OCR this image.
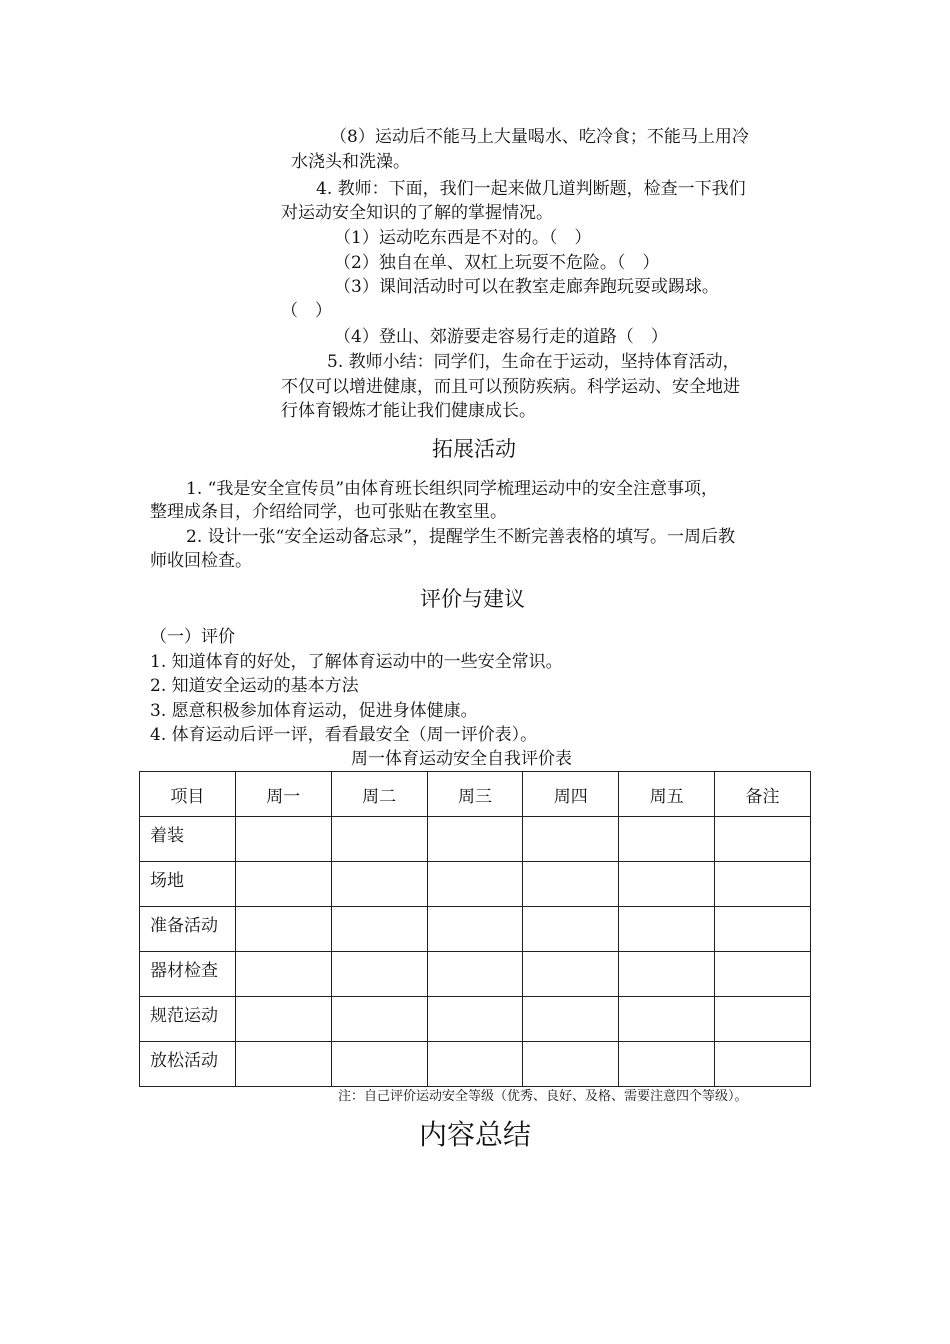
（8）运动后不能马上大量喝水、吃冷食；不能马上用冷
水浇头和洗澡。
4. 教师：下面，我们一起来做几道判断题，检查一下我们
对运动安全知识的了解的掌握情况。
（1）运动吃东西是不对的。（　）
（2）独自在单、双杠上玩耍不危险。（　）
（3）课间活动时可以在教室走廊奔跑玩耍或踢球。
（　）
（4）登山、郊游要走容易行走的道路（　）
5. 教师小结：同学们，生命在于运动，坚持体育活动，
不仅可以增进健康，而且可以预防疾病。科学运动、安全地进
行体育锻炼才能让我们健康成长。
拓展活动
1. “我是安全宣传员”由体育班长组织同学梳理运动中的安全注意事项，
整理成条目，介绍给同学，也可张贴在教室里。
2. 设计一张“安全运动备忘录”，提醒学生不断完善表格的填写。一周后教
师收回检查。
评价与建议
（一）评价
1. 知道体育的好处，了解体育运动中的一些安全常识。
2. 知道安全运动的基本方法
3. 愿意积极参加体育运动，促进身体健康。
4. 体育运动后评一评，看看最安全（周一评价表）。
周一体育运动安全自我评价表
项目	周一	周二	周三	周四	周五	备注
着装						
场地						
准备活动						
器材检查						
规范运动						
放松活动						
注：自己评价运动安全等级（优秀、良好、及格、需要注意四个等级）。
内容总结
